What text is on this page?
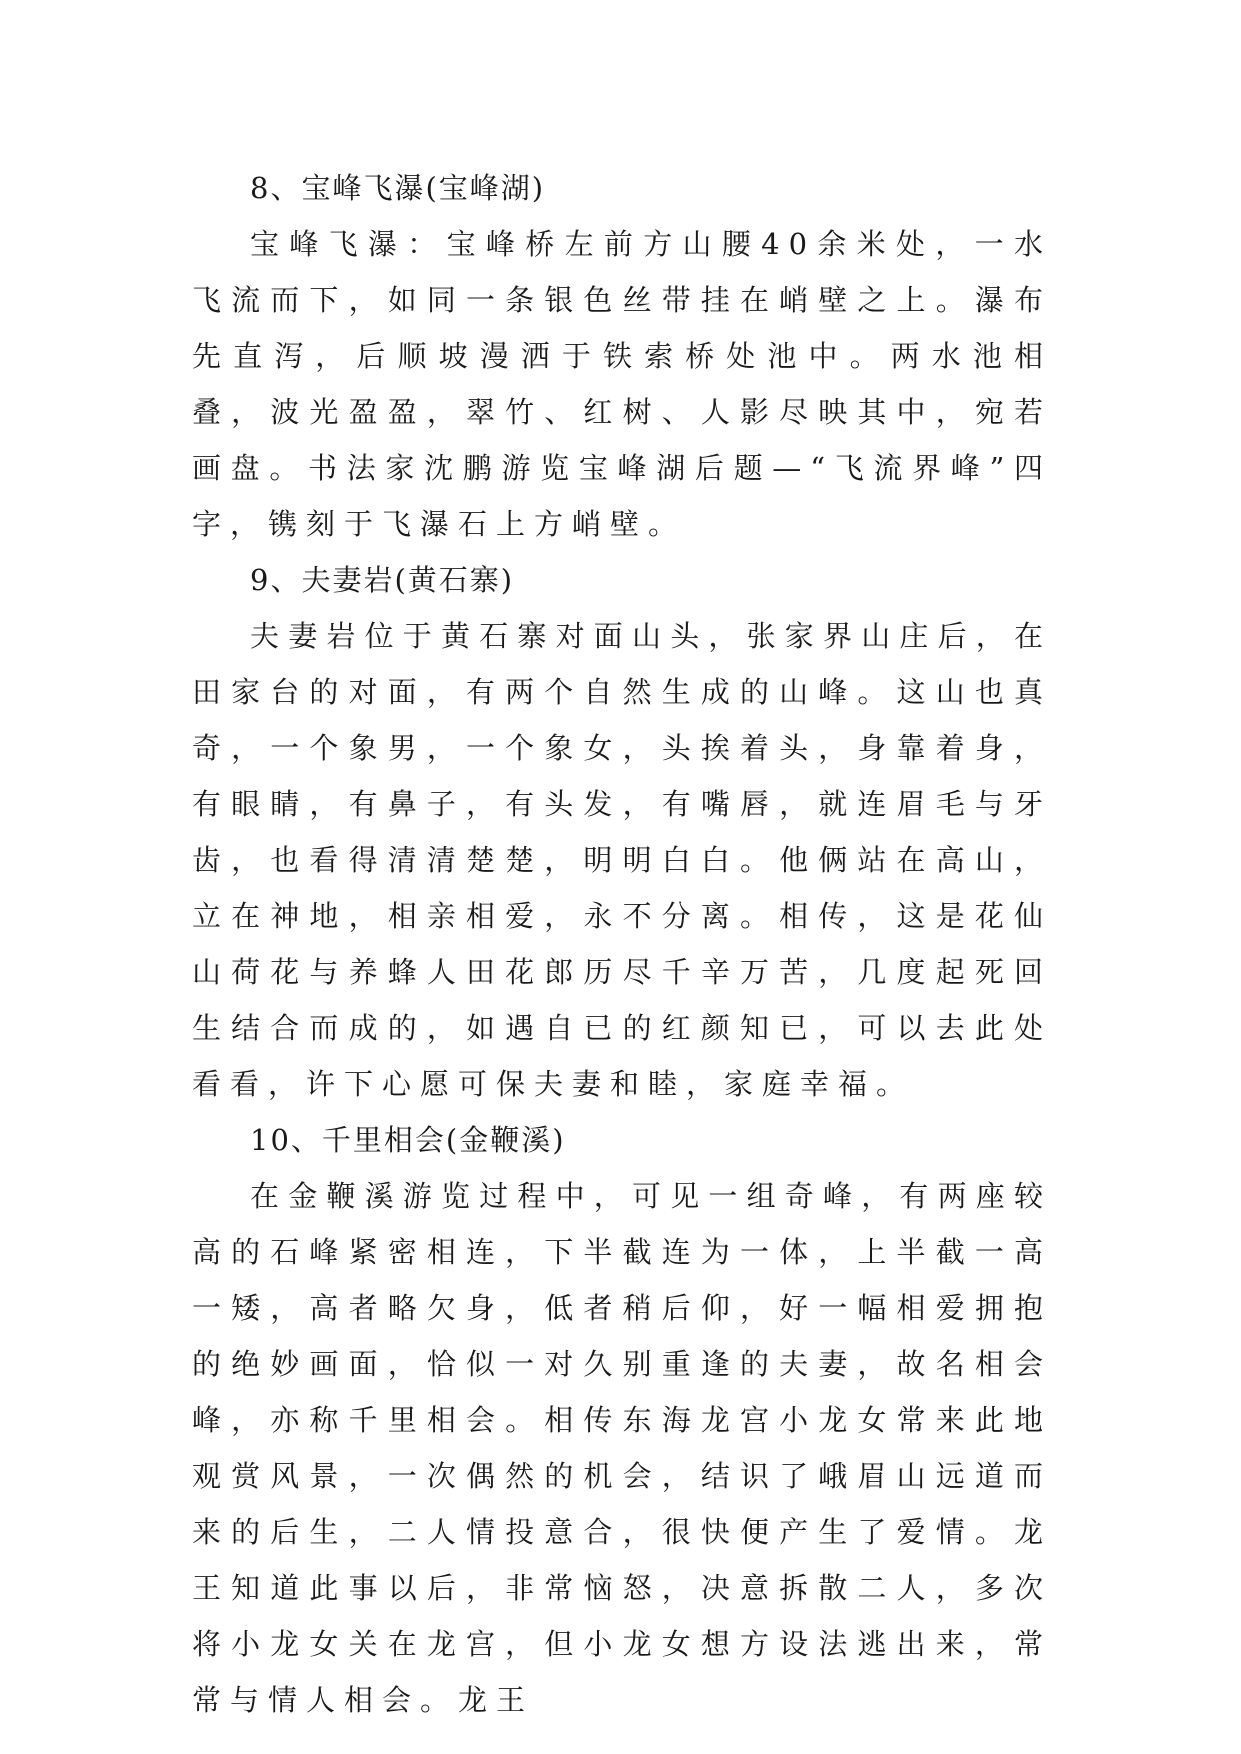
8、宝峰飞瀑(宝峰湖)

宝峰飞瀑：宝峰桥左前方山腰40余米处，一水飞流而下，如同一条银色丝带挂在峭壁之上。瀑布先直泻，后顺坡漫洒于铁索桥处池中。两水池相叠，波光盈盈，翠竹、红树、人影尽映其中，宛若画盘。书法家沈鹏游览宝峰湖后题—“飞流界峰”四字，镌刻于飞瀑石上方峭壁。

9、夫妻岩(黄石寨)

夫妻岩位于黄石寨对面山头，张家界山庄后，在田家台的对面，有两个自然生成的山峰。这山也真奇，一个象男，一个象女，头挨着头，身靠着身，有眼睛，有鼻子，有头发，有嘴唇，就连眉毛与牙齿，也看得清清楚楚，明明白白。他俩站在高山，立在神地，相亲相爱，永不分离。相传，这是花仙山荷花与养蜂人田花郎历尽千辛万苦，几度起死回生结合而成的，如遇自已的红颜知已，可以去此处看看，许下心愿可保夫妻和睦，家庭幸福。

10、千里相会(金鞭溪)

在金鞭溪游览过程中，可见一组奇峰，有两座较高的石峰紧密相连，下半截连为一体，上半截一高一矮，高者略欠身，低者稍后仰，好一幅相爱拥抱的绝妙画面，恰似一对久别重逢的夫妻，故名相会峰，亦称千里相会。相传东海龙宫小龙女常来此地观赏风景，一次偶然的机会，结识了峨眉山远道而来的后生，二人情投意合，很快便产生了爱情。龙王知道此事以后，非常恼怒，决意拆散二人，多次将小龙女关在龙宫，但小龙女想方设法逃出来，常常与情人相会。龙王
